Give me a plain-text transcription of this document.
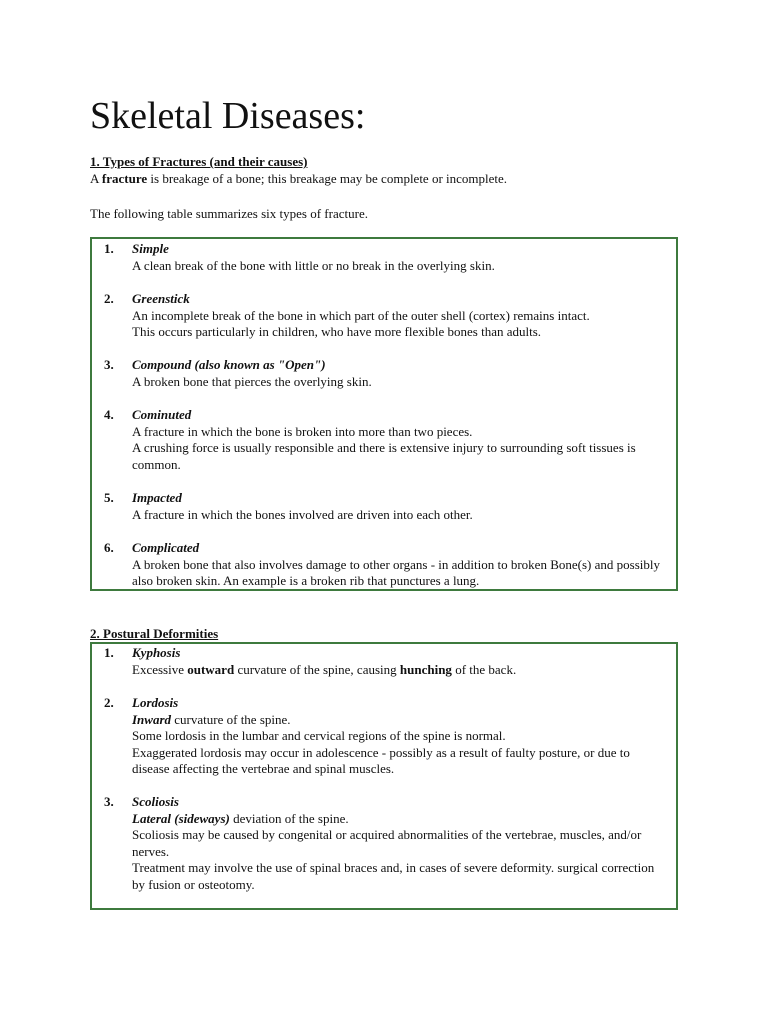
Skeletal Diseases:

1. Types of Fractures (and their causes)

A fracture is breakage of a bone; this breakage may be complete or incomplete.

The following table summarizes six types of fracture.

1.	Simple
A clean break of the bone with little or no break in the overlying skin.
2.	Greenstick
An incomplete break of the bone in which part of the outer shell (cortex) remains intact.
This occurs particularly in children, who have more flexible bones than adults.
3.	Compound (also known as "Open")
A broken bone that pierces the overlying skin.
4.	Cominuted
A fracture in which the bone is broken into more than two pieces.
A crushing force is usually responsible and there is extensive injury to surrounding soft tissues is common.
5.	Impacted
A fracture in which the bones involved are driven into each other.
6.	Complicated
A broken bone that also involves damage to other organs - in addition to broken Bone(s) and possibly also broken skin. An example is a broken rib that punctures a lung.

2. Postural Deformities

1.	Kyphosis
Excessive outward curvature of the spine, causing hunching of the back.
2.	Lordosis
Inward curvature of the spine.
Some lordosis in the lumbar and cervical regions of the spine is normal.
Exaggerated lordosis may occur in adolescence - possibly as a result of faulty posture, or due to disease affecting the vertebrae and spinal muscles.
3.	Scoliosis
Lateral (sideways) deviation of the spine.
Scoliosis may be caused by congenital or acquired abnormalities of the vertebrae, muscles, and/or nerves.
Treatment may involve the use of spinal braces and, in cases of severe deformity. surgical correction by fusion or osteotomy.
